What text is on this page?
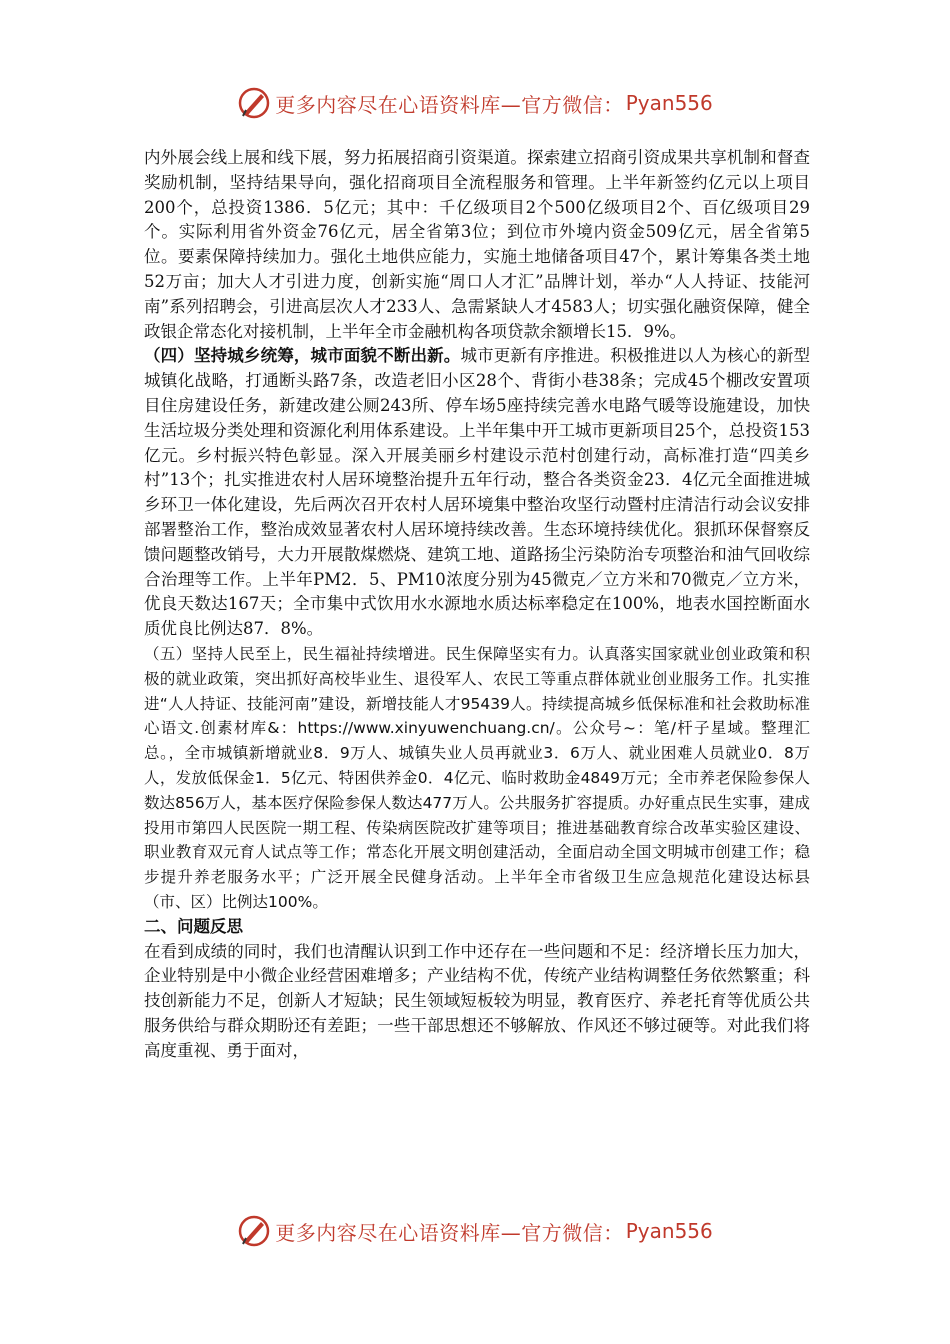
更多内容尽在心语资料库—官方微信： Pyan556

内外展会线上展和线下展，努力拓展招商引资渠道。探索建立招商引资成果共享机制和督查奖励机制，坚持结果导向，强化招商项目全流程服务和管理。上半年新签约亿元以上项目200个，总投资1386．5亿元；其中：千亿级项目2个500亿级项目2个、百亿级项目29个。实际利用省外资金76亿元，居全省第3位；到位市外境内资金509亿元，居全省第5位。要素保障持续加力。强化土地供应能力，实施土地储备项目47个，累计筹集各类土地52万亩；加大人才引进力度，创新实施“周口人才汇”品牌计划，举办“人人持证、技能河南”系列招聘会，引进高层次人才233人、急需紧缺人才4583人；切实强化融资保障，健全政银企常态化对接机制，上半年全市金融机构各项贷款余额增长15．9%。

（四）坚持城乡统筹，城市面貌不断出新。城市更新有序推进。积极推进以人为核心的新型城镇化战略，打通断头路7条，改造老旧小区28个、背街小巷38条；完成45个棚改安置项目住房建设任务，新建改建公厕243所、停车场5座持续完善水电路气暖等设施建设，加快生活垃圾分类处理和资源化利用体系建设。上半年集中开工城市更新项目25个，总投资153亿元。乡村振兴特色彰显。深入开展美丽乡村建设示范村创建行动，高标准打造“四美乡村”13个；扎实推进农村人居环境整治提升五年行动，整合各类资金23．4亿元全面推进城乡环卫一体化建设，先后两次召开农村人居环境集中整治攻坚行动暨村庄清洁行动会议安排部署整治工作，整治成效显著农村人居环境持续改善。生态环境持续优化。狠抓环保督察反馈问题整改销号，大力开展散煤燃烧、建筑工地、道路扬尘污染防治专项整治和油气回收综合治理等工作。上半年PM2．5、PM10浓度分别为45微克／立方米和70微克／立方米，优良天数达167天；全市集中式饮用水水源地水质达标率稳定在100%，地表水国控断面水质优良比例达87．8%。

（五）坚持人民至上，民生福祉持续增进。民生保障坚实有力。认真落实国家就业创业政策和积极的就业政策，突出抓好高校毕业生、退役军人、农民工等重点群体就业创业服务工作。扎实推进“人人持证、技能河南”建设，新增技能人才95439人。持续提高城乡低保标准和社会救助标准心语文.创素材库&：https://www.xinyuwenchuang.cn/。公众号~：笔/杆子星域。整理汇总。，全市城镇新增就业8．9万人、城镇失业人员再就业3．6万人、就业困难人员就业0．8万人，发放低保金1．5亿元、特困供养金0．4亿元、临时救助金4849万元；全市养老保险参保人数达856万人，基本医疗保险参保人数达477万人。公共服务扩容提质。办好重点民生实事，建成投用市第四人民医院一期工程、传染病医院改扩建等项目；推进基础教育综合改革实验区建设、职业教育双元育人试点等工作；常态化开展文明创建活动，全面启动全国文明城市创建工作；稳步提升养老服务水平；广泛开展全民健身活动。上半年全市省级卫生应急规范化建设达标县（市、区）比例达100%。

二、问题反思

在看到成绩的同时，我们也清醒认识到工作中还存在一些问题和不足：经济增长压力加大，企业特别是中小微企业经营困难增多；产业结构不优，传统产业结构调整任务依然繁重；科技创新能力不足，创新人才短缺；民生领域短板较为明显，教育医疗、养老托育等优质公共服务供给与群众期盼还有差距；一些干部思想还不够解放、作风还不够过硬等。对此我们将高度重视、勇于面对，

更多内容尽在心语资料库—官方微信： Pyan556
